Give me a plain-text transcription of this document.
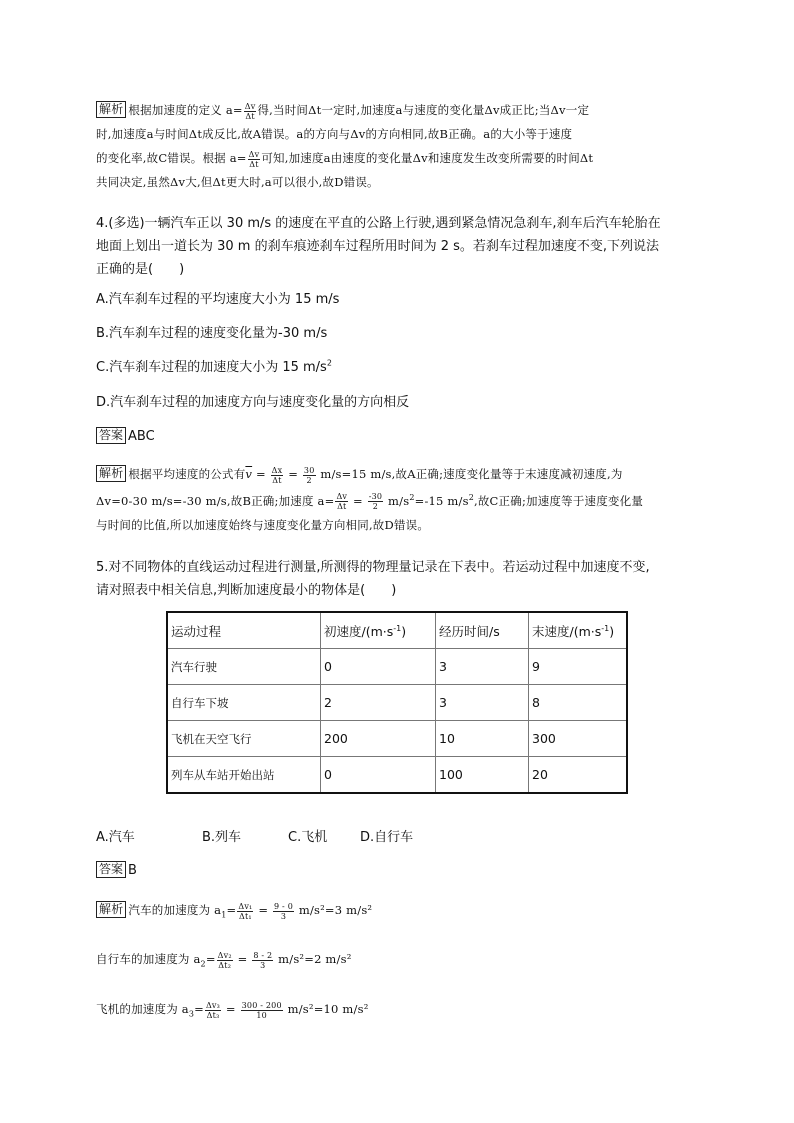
解析 根据加速度的定义 $a= \frac{\Delta v}{\Delta t}$ 得,当时间Δt一定时,加速度a与速度的变化量Δv成正比;当Δv一定
时,加速度a与时间Δt成反比,故A错误。a的方向与Δv的方向相同,故B正确。a的大小等于速度
的变化率,故C错误。根据 $a= \frac{\Delta v}{\Delta t}$ 可知,加速度a由速度的变化量Δv和速度发生改变所需要的时间Δt
共同决定,虽然Δv大,但Δt更大时,a可以很小,故D错误。
4.(多选)一辆汽车正以 30 m/s 的速度在平直的公路上行驶,遇到紧急情况急刹车,刹车后汽车轮胎在
地面上划出一道长为 30 m 的刹车痕迹刹车过程所用时间为 2 s。若刹车过程加速度不变,下列说法
正确的是(　　)
A.汽车刹车过程的平均速度大小为 15 m/s
B.汽车刹车过程的速度变化量为-30 m/s
C.汽车刹车过程的加速度大小为 15 $m/s^2$
D.汽车刹车过程的加速度方向与速度变化量的方向相反
答案 ABC
解析 根据平均速度的公式有$\overline{v} = \frac{\Delta x}{\Delta t} = \frac{30}{2} m/s=15$ m/s,故A正确;速度变化量等于末速度减初速度,为
Δv=0-30 m/s=-30 m/s,故B正确;加速度 $a= \frac{\Delta v}{\Delta t} = \frac{-30}{2} m/s^2=-15$ $m/s^2$,故C正确;加速度等于速度变化量
与时间的比值,所以加速度始终与速度变化量方向相同,故D错误。
5.对不同物体的直线运动过程进行测量,所测得的物理量记录在下表中。若运动过程中加速度不变,
请对照表中相关信息,判断加速度最小的物体是(　　)
运动过程	初速度$/(m\cdot s^{-1})$	经历时间/s	末速度$/(m\cdot s^{-1})$
汽车行驶	0	3	9
自行车下坡	2	3	8
飞机在天空飞行	200	10	300
列车从车站开始出站	0	100	20
A.汽车	B.列车	C.飞机	D.自行车
答案 B
解析 汽车的加速度为 $a_1= \frac{\text{Δv₁}}{\text{Δt₁}} = \frac{9 - 0}{3} m/s^2=3$ m/s²
自行车的加速度为 $a_2= \frac{\text{Δv₂}}{\text{Δt₂}} = \frac{8 - 2}{3} m/s^2=2$ m/s²
飞机的加速度为 $a_3= \frac{\text{Δv₃}}{\text{Δt₃}} = \frac{300 - 200}{10} m/s^2=10$ m/s²
